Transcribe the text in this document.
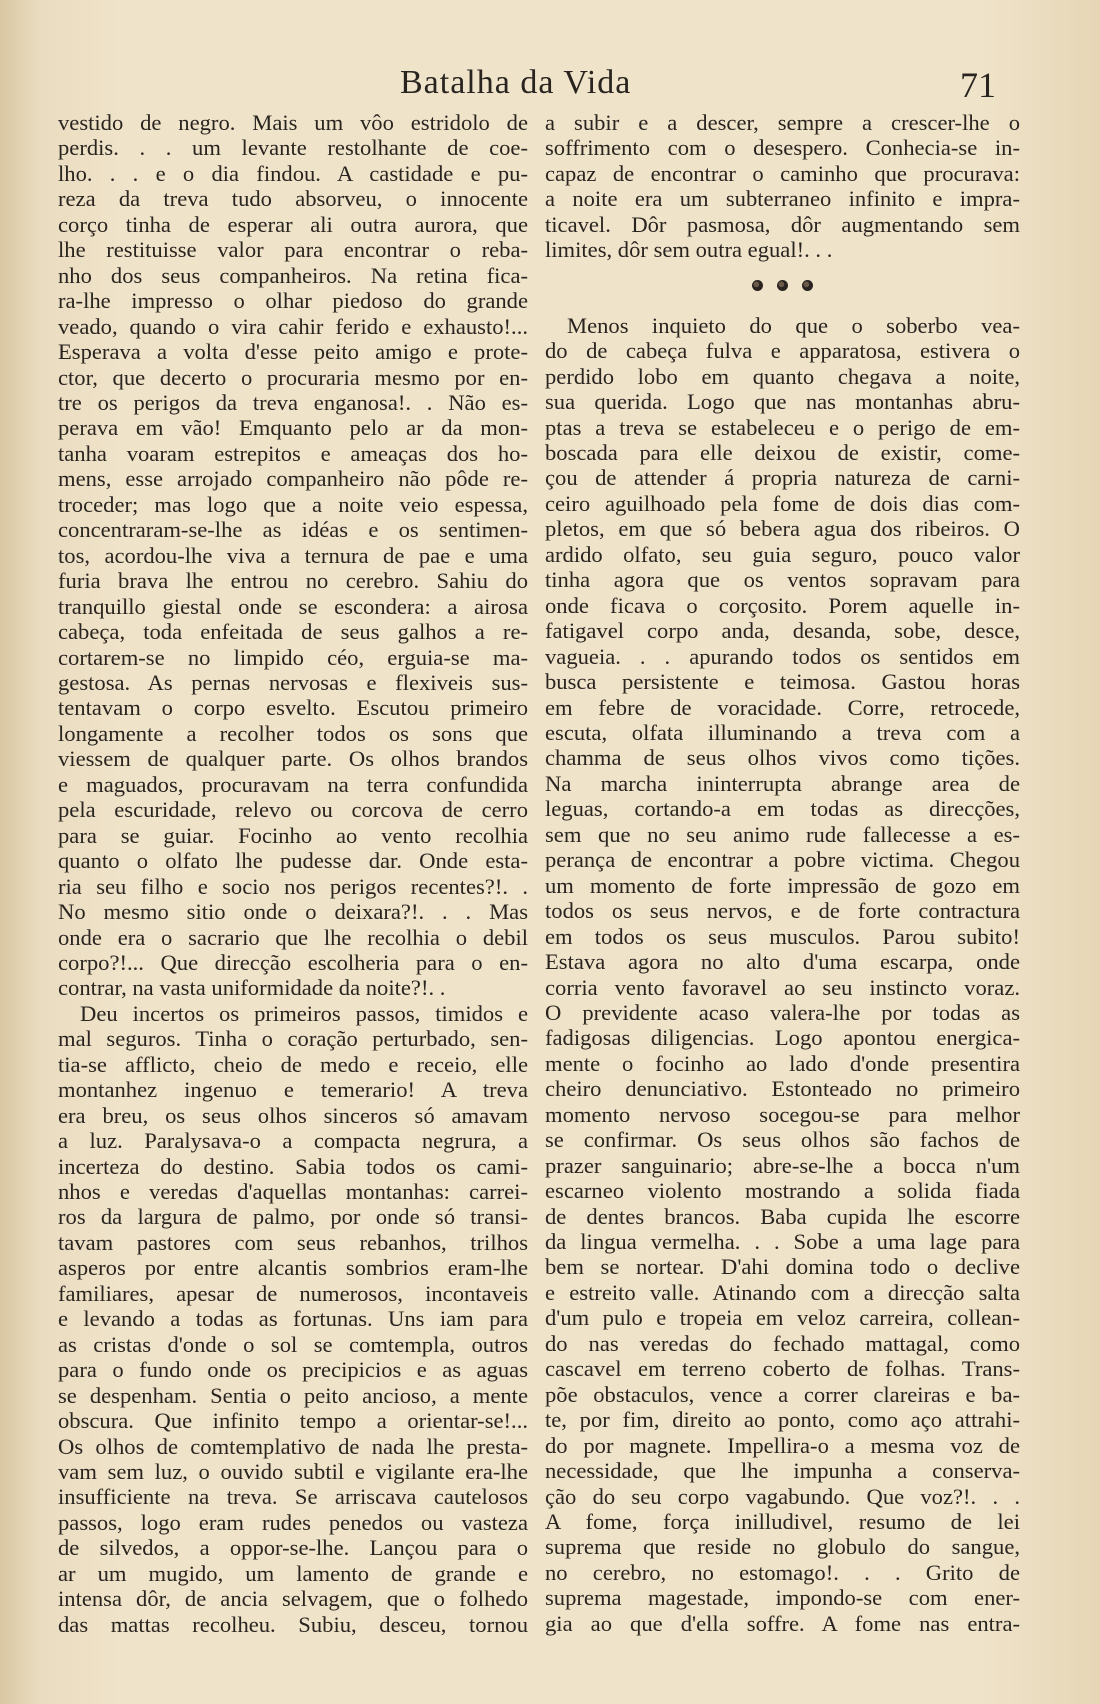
Batalha da Vida	71
vestido de negro. Mais um vôo estridolo de
perdis. . . um levante restolhante de coe-
lho. . . e o dia findou. A castidade e pu-
reza da treva tudo absorveu, o innocente
corço tinha de esperar ali outra aurora, que
lhe restituisse valor para encontrar o reba-
nho dos seus companheiros. Na retina fica-
ra-lhe impresso o olhar piedoso do grande
veado, quando o vira cahir ferido e exhausto!...
Esperava a volta d'esse peito amigo e prote-
ctor, que decerto o procuraria mesmo por en-
tre os perigos da treva enganosa!. . Não es-
perava em vão! Emquanto pelo ar da mon-
tanha voaram estrepitos e ameaças dos ho-
mens, esse arrojado companheiro não pôde re-
troceder; mas logo que a noite veio espessa,
concentraram-se-lhe as idéas e os sentimen-
tos, acordou-lhe viva a ternura de pae e uma
furia brava lhe entrou no cerebro. Sahiu do
tranquillo giestal onde se escondera: a airosa
cabeça, toda enfeitada de seus galhos a re-
cortarem-se no limpido céo, erguia-se ma-
gestosa. As pernas nervosas e flexiveis sus-
tentavam o corpo esvelto. Escutou primeiro
longamente a recolher todos os sons que
viessem de qualquer parte. Os olhos brandos
e maguados, procuravam na terra confundida
pela escuridade, relevo ou corcova de cerro
para se guiar. Focinho ao vento recolhia
quanto o olfato lhe pudesse dar. Onde esta-
ria seu filho e socio nos perigos recentes?!. .
No mesmo sitio onde o deixara?!. . . Mas
onde era o sacrario que lhe recolhia o debil
corpo?!... Que direcção escolheria para o en-
contrar, na vasta uniformidade da noite?!. .
Deu incertos os primeiros passos, timidos e
mal seguros. Tinha o coração perturbado, sen-
tia-se afflicto, cheio de medo e receio, elle
montanhez ingenuo e temerario! A treva
era breu, os seus olhos sinceros só amavam
a luz. Paralysava-o a compacta negrura, a
incerteza do destino. Sabia todos os cami-
nhos e veredas d'aquellas montanhas: carrei-
ros da largura de palmo, por onde só transi-
tavam pastores com seus rebanhos, trilhos
asperos por entre alcantis sombrios eram-lhe
familiares, apesar de numerosos, incontaveis
e levando a todas as fortunas. Uns iam para
as cristas d'onde o sol se comtempla, outros
para o fundo onde os precipicios e as aguas
se despenham. Sentia o peito ancioso, a mente
obscura. Que infinito tempo a orientar-se!...
Os olhos de comtemplativo de nada lhe presta-
vam sem luz, o ouvido subtil e vigilante era-lhe
insufficiente na treva. Se arriscava cautelosos
passos, logo eram rudes penedos ou vasteza
de silvedos, a oppor-se-lhe. Lançou para o
ar um mugido, um lamento de grande e
intensa dôr, de ancia selvagem, que o folhedo
das mattas recolheu. Subiu, desceu, tornou
a subir e a descer, sempre a crescer-lhe o
soffrimento com o desespero. Conhecia-se in-
capaz de encontrar o caminho que procurava:
a noite era um subterraneo infinito e impra-
ticavel. Dôr pasmosa, dôr augmentando sem
limites, dôr sem outra egual!. . .
Menos inquieto do que o soberbo vea-
do de cabeça fulva e apparatosa, estivera o
perdido lobo em quanto chegava a noite,
sua querida. Logo que nas montanhas abru-
ptas a treva se estabeleceu e o perigo de em-
boscada para elle deixou de existir, come-
çou de attender á propria natureza de carni-
ceiro aguilhoado pela fome de dois dias com-
pletos, em que só bebera agua dos ribeiros. O
ardido olfato, seu guia seguro, pouco valor
tinha agora que os ventos sopravam para
onde ficava o corçosito. Porem aquelle in-
fatigavel corpo anda, desanda, sobe, desce,
vagueia. . . apurando todos os sentidos em
busca persistente e teimosa. Gastou horas
em febre de voracidade. Corre, retrocede,
escuta, olfata illuminando a treva com a
chamma de seus olhos vivos como tições.
Na marcha ininterrupta abrange area de
leguas, cortando-a em todas as direcções,
sem que no seu animo rude fallecesse a es-
perança de encontrar a pobre victima. Chegou
um momento de forte impressão de gozo em
todos os seus nervos, e de forte contractura
em todos os seus musculos. Parou subito!
Estava agora no alto d'uma escarpa, onde
corria vento favoravel ao seu instincto voraz.
O previdente acaso valera-lhe por todas as
fadigosas diligencias. Logo apontou energica-
mente o focinho ao lado d'onde presentira
cheiro denunciativo. Estonteado no primeiro
momento nervoso socegou-se para melhor
se confirmar. Os seus olhos são fachos de
prazer sanguinario; abre-se-lhe a bocca n'um
escarneo violento mostrando a solida fiada
de dentes brancos. Baba cupida lhe escorre
da lingua vermelha. . . Sobe a uma lage para
bem se nortear. D'ahi domina todo o declive
e estreito valle. Atinando com a direcção salta
d'um pulo e tropeia em veloz carreira, collean-
do nas veredas do fechado mattagal, como
cascavel em terreno coberto de folhas. Trans-
põe obstaculos, vence a correr clareiras e ba-
te, por fim, direito ao ponto, como aço attrahi-
do por magnete. Impellira-o a mesma voz de
necessidade, que lhe impunha a conserva-
ção do seu corpo vagabundo. Que voz?!. . .
A fome, força inilludivel, resumo de lei
suprema que reside no globulo do sangue,
no cerebro, no estomago!. . . Grito de
suprema magestade, impondo-se com ener-
gia ao que d'ella soffre. A fome nas entra-
